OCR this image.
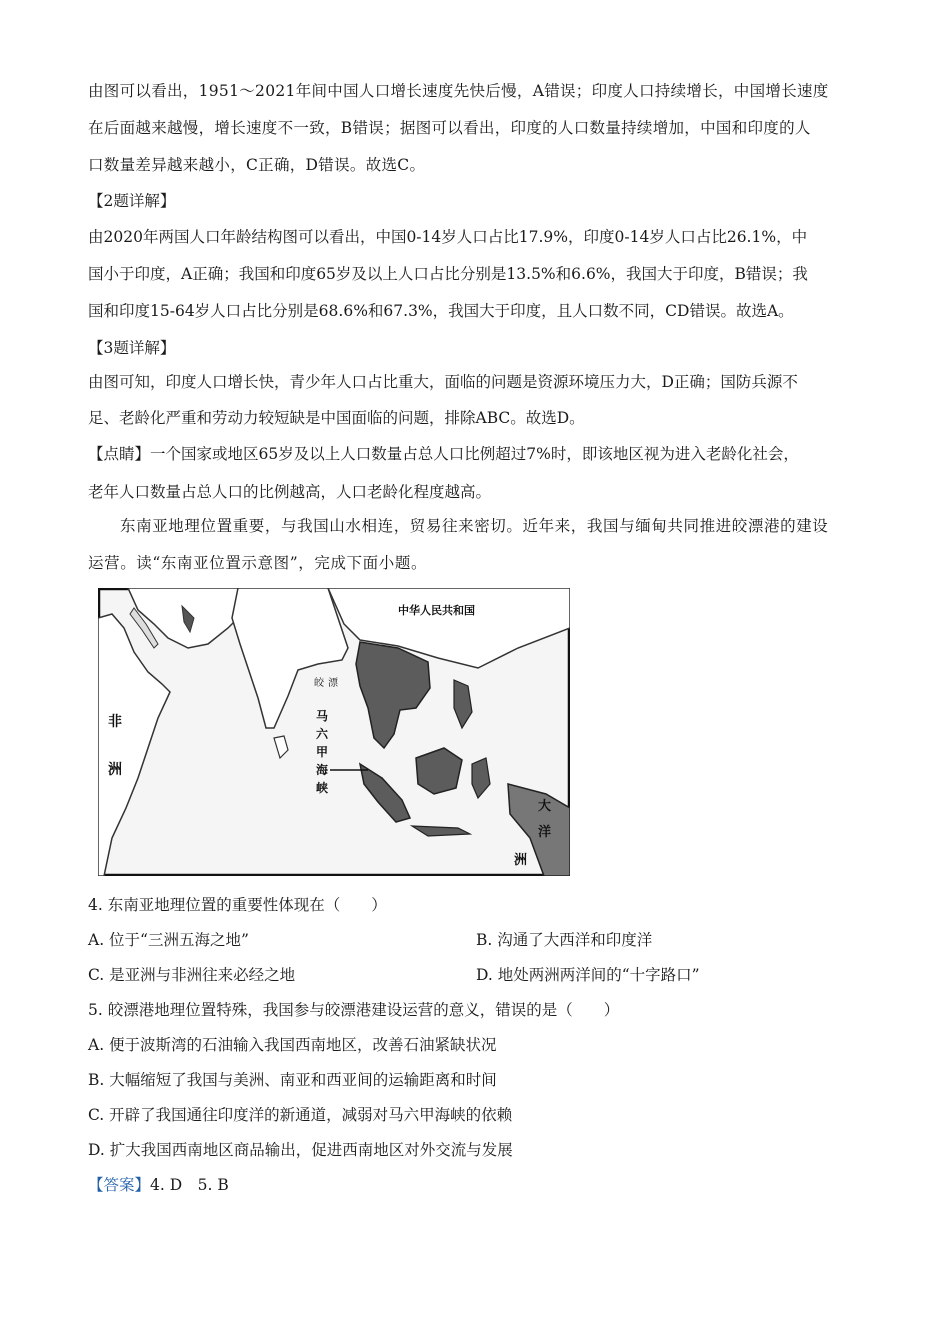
由图可以看出，1951～2021年间中国人口增长速度先快后慢，A错误；印度人口持续增长，中国增长速度
在后面越来越慢，增长速度不一致，B错误；据图可以看出，印度的人口数量持续增加，中国和印度的人
口数量差异越来越小，C正确，D错误。故选C。
【2题详解】
由2020年两国人口年龄结构图可以看出，中国0-14岁人口占比17.9%，印度0-14岁人口占比26.1%，中
国小于印度，A正确；我国和印度65岁及以上人口占比分别是13.5%和6.6%，我国大于印度，B错误；我
国和印度15-64岁人口占比分别是68.6%和67.3%，我国大于印度，且人口数不同，CD错误。故选A。
【3题详解】
由图可知，印度人口增长快，青少年人口占比重大，面临的问题是资源环境压力大，D正确；国防兵源不
足、老龄化严重和劳动力较短缺是中国面临的问题，排除ABC。故选D。
【点睛】一个国家或地区65岁及以上人口数量占总人口比例超过7%时，即该地区视为进入老龄化社会，
老年人口数量占总人口的比例越高，人口老龄化程度越高。
东南亚地理位置重要，与我国山水相连，贸易往来密切。近年来，我国与缅甸共同推进皎漂港的建设
运营。读“东南亚位置示意图”，完成下面小题。
中华人民共和国
非
洲
皎 漂
马
六
甲
海
峡
大
洋
洲
4. 东南亚地理位置的重要性体现在（　　）
A. 位于“三洲五海之地”	B. 沟通了大西洋和印度洋
C. 是亚洲与非洲往来必经之地	D. 地处两洲两洋间的“十字路口”
5. 皎漂港地理位置特殊，我国参与皎漂港建设运营的意义，错误的是（　　）
A. 便于波斯湾的石油输入我国西南地区，改善石油紧缺状况
B. 大幅缩短了我国与美洲、南亚和西亚间的运输距离和时间
C. 开辟了我国通往印度洋的新通道，减弱对马六甲海峡的依赖
D. 扩大我国西南地区商品输出，促进西南地区对外交流与发展
【答案】4. D　5. B
